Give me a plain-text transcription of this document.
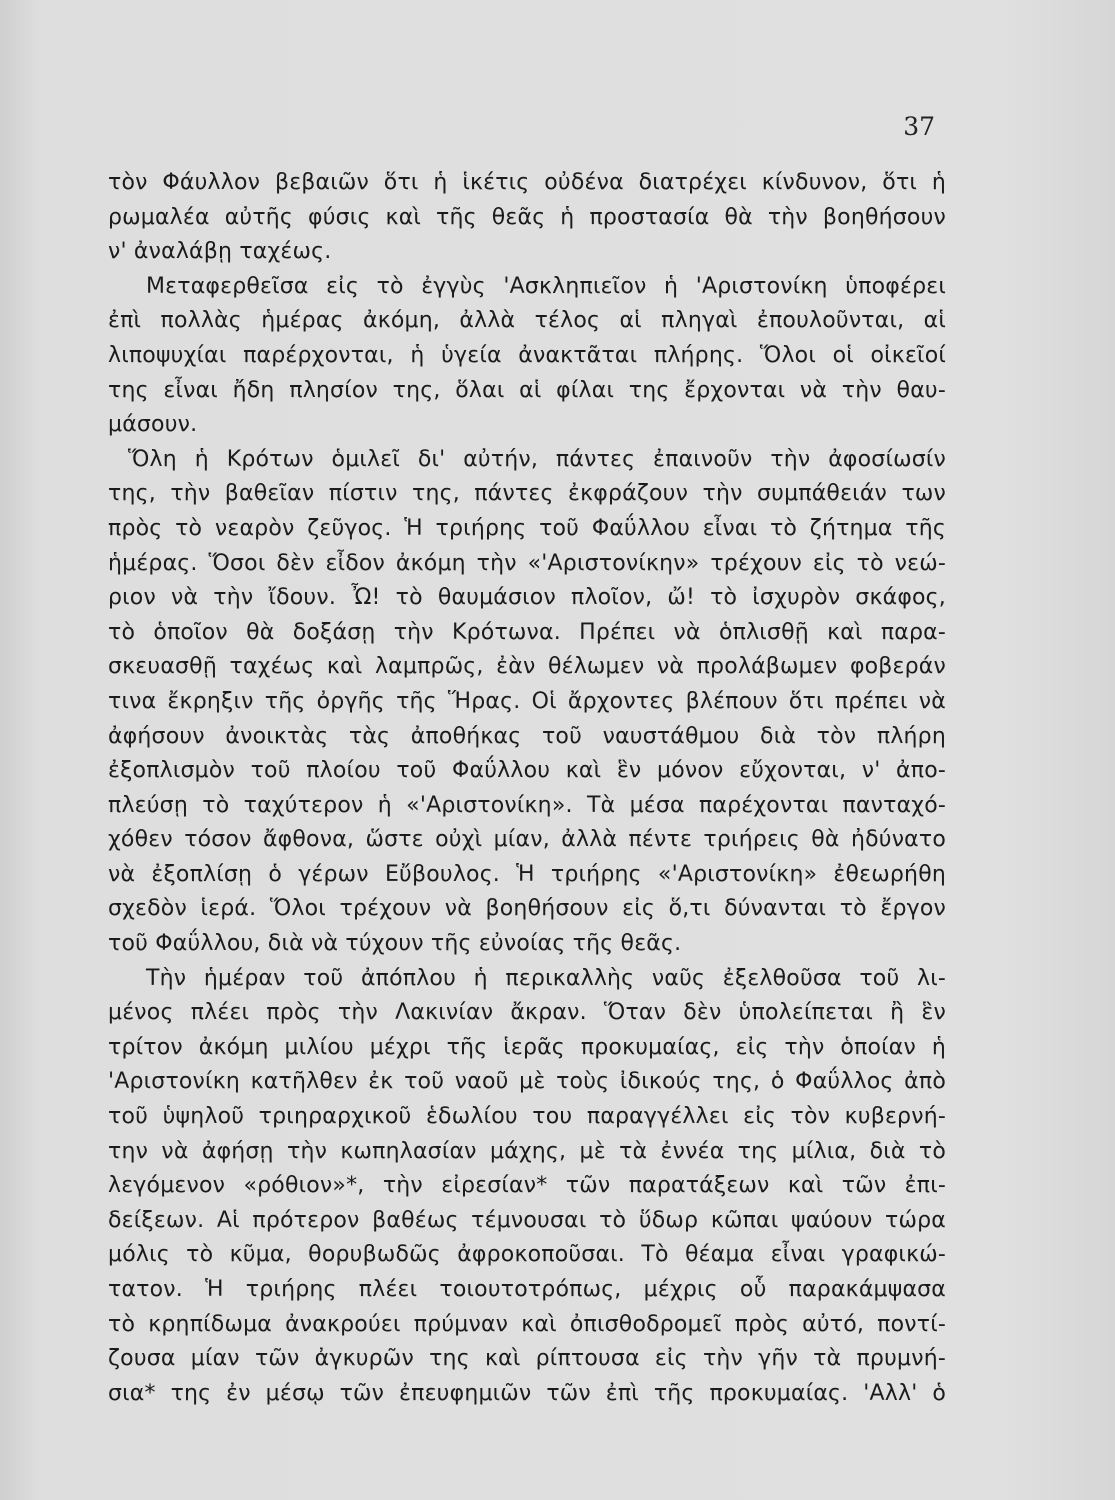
37
τὸν Φάυλλον βεβαιῶν ὅτι ἡ ἱκέτις οὐδένα διατρέχει κίνδυνον, ὅτι ἡ
ρωμαλέα αὐτῆς φύσις καὶ τῆς θεᾶς ἡ προστασία θὰ τὴν βοηθήσουν
ν' ἀναλάβῃ ταχέως.
Μεταφερθεῖσα εἰς τὸ ἐγγὺς 'Ασκληπιεῖον ἡ 'Αριστονίκη ὑποφέρει
ἐπὶ πολλὰς ἡμέρας ἀκόμη, ἀλλὰ τέλος αἱ πληγαὶ ἐπουλοῦνται, αἱ
λιποψυχίαι παρέρχονται, ἡ ὑγεία ἀνακτᾶται πλήρης. Ὅλοι οἱ οἰκεῖοί
της εἶναι ἤδη πλησίον της, ὅλαι αἱ φίλαι της ἔρχονται νὰ τὴν θαυ-
μάσουν.
Ὅλη ἡ Κρότων ὁμιλεῖ δι' αὐτήν, πάντες ἐπαινοῦν τὴν ἀφοσίωσίν
της, τὴν βαθεῖαν πίστιν της, πάντες ἐκφράζουν τὴν συμπάθειάν των
πρὸς τὸ νεαρὸν ζεῦγος. Ἡ τριήρης τοῦ Φαΰλλου εἶναι τὸ ζήτημα τῆς
ἡμέρας. Ὅσοι δὲν εἶδον ἀκόμη τὴν «'Αριστονίκην» τρέχουν εἰς τὸ νεώ-
ριον νὰ τὴν ἴδουν. Ὦ! τὸ θαυμάσιον πλοῖον, ὤ! τὸ ἰσχυρὸν σκάφος,
τὸ ὁποῖον θὰ δοξάσῃ τὴν Κρότωνα. Πρέπει νὰ ὁπλισθῇ καὶ παρα-
σκευασθῇ ταχέως καὶ λαμπρῶς, ἐὰν θέλωμεν νὰ προλάβωμεν φοβεράν
τινα ἔκρηξιν τῆς ὀργῆς τῆς Ἥρας. Οἱ ἄρχοντες βλέπουν ὅτι πρέπει νὰ
ἀφήσουν ἀνοικτὰς τὰς ἀποθήκας τοῦ ναυστάθμου διὰ τὸν πλήρη
ἐξοπλισμὸν τοῦ πλοίου τοῦ Φαΰλλου καὶ ἓν μόνον εὔχονται, ν' ἀπο-
πλεύσῃ τὸ ταχύτερον ἡ «'Αριστονίκη». Τὰ μέσα παρέχονται πανταχό-
χόθεν τόσον ἄφθονα, ὥστε οὐχὶ μίαν, ἀλλὰ πέντε τριήρεις θὰ ἠδύνατο
νὰ ἐξοπλίσῃ ὁ γέρων Εὔβουλος. Ἡ τριήρης «'Αριστονίκη» ἐθεωρήθη
σχεδὸν ἱερά. Ὅλοι τρέχουν νὰ βοηθήσουν εἰς ὅ,τι δύνανται τὸ ἔργον
τοῦ Φαΰλλου, διὰ νὰ τύχουν τῆς εὐνοίας τῆς θεᾶς.
Τὴν ἡμέραν τοῦ ἀπόπλου ἡ περικαλλὴς ναῦς ἐξελθοῦσα τοῦ λι-
μένος πλέει πρὸς τὴν Λακινίαν ἄκραν. Ὅταν δὲν ὑπολείπεται ἢ ἓν
τρίτον ἀκόμη μιλίου μέχρι τῆς ἱερᾶς προκυμαίας, εἰς τὴν ὁποίαν ἡ
'Αριστονίκη κατῆλθεν ἐκ τοῦ ναοῦ μὲ τοὺς ἰδικούς της, ὁ Φαΰλλος ἀπὸ
τοῦ ὑψηλοῦ τριηραρχικοῦ ἑδωλίου του παραγγέλλει εἰς τὸν κυβερνή-
την νὰ ἀφήσῃ τὴν κωπηλασίαν μάχης, μὲ τὰ ἐννέα της μίλια, διὰ τὸ
λεγόμενον «ρόθιον»*, τὴν εἰρεσίαν* τῶν παρατάξεων καὶ τῶν ἐπι-
δείξεων. Αἱ πρότερον βαθέως τέμνουσαι τὸ ὕδωρ κῶπαι ψαύουν τώρα
μόλις τὸ κῦμα, θορυβωδῶς ἀφροκοποῦσαι. Τὸ θέαμα εἶναι γραφικώ-
τατον. Ἡ τριήρης πλέει τοιουτοτρόπως, μέχρις οὗ παρακάμψασα
τὸ κρηπίδωμα ἀνακρούει πρύμναν καὶ ὀπισθοδρομεῖ πρὸς αὐτό, ποντί-
ζουσα μίαν τῶν ἀγκυρῶν της καὶ ρίπτουσα εἰς τὴν γῆν τὰ πρυμνή-
σια* της ἐν μέσῳ τῶν ἐπευφημιῶν τῶν ἐπὶ τῆς προκυμαίας. 'Αλλ' ὁ
